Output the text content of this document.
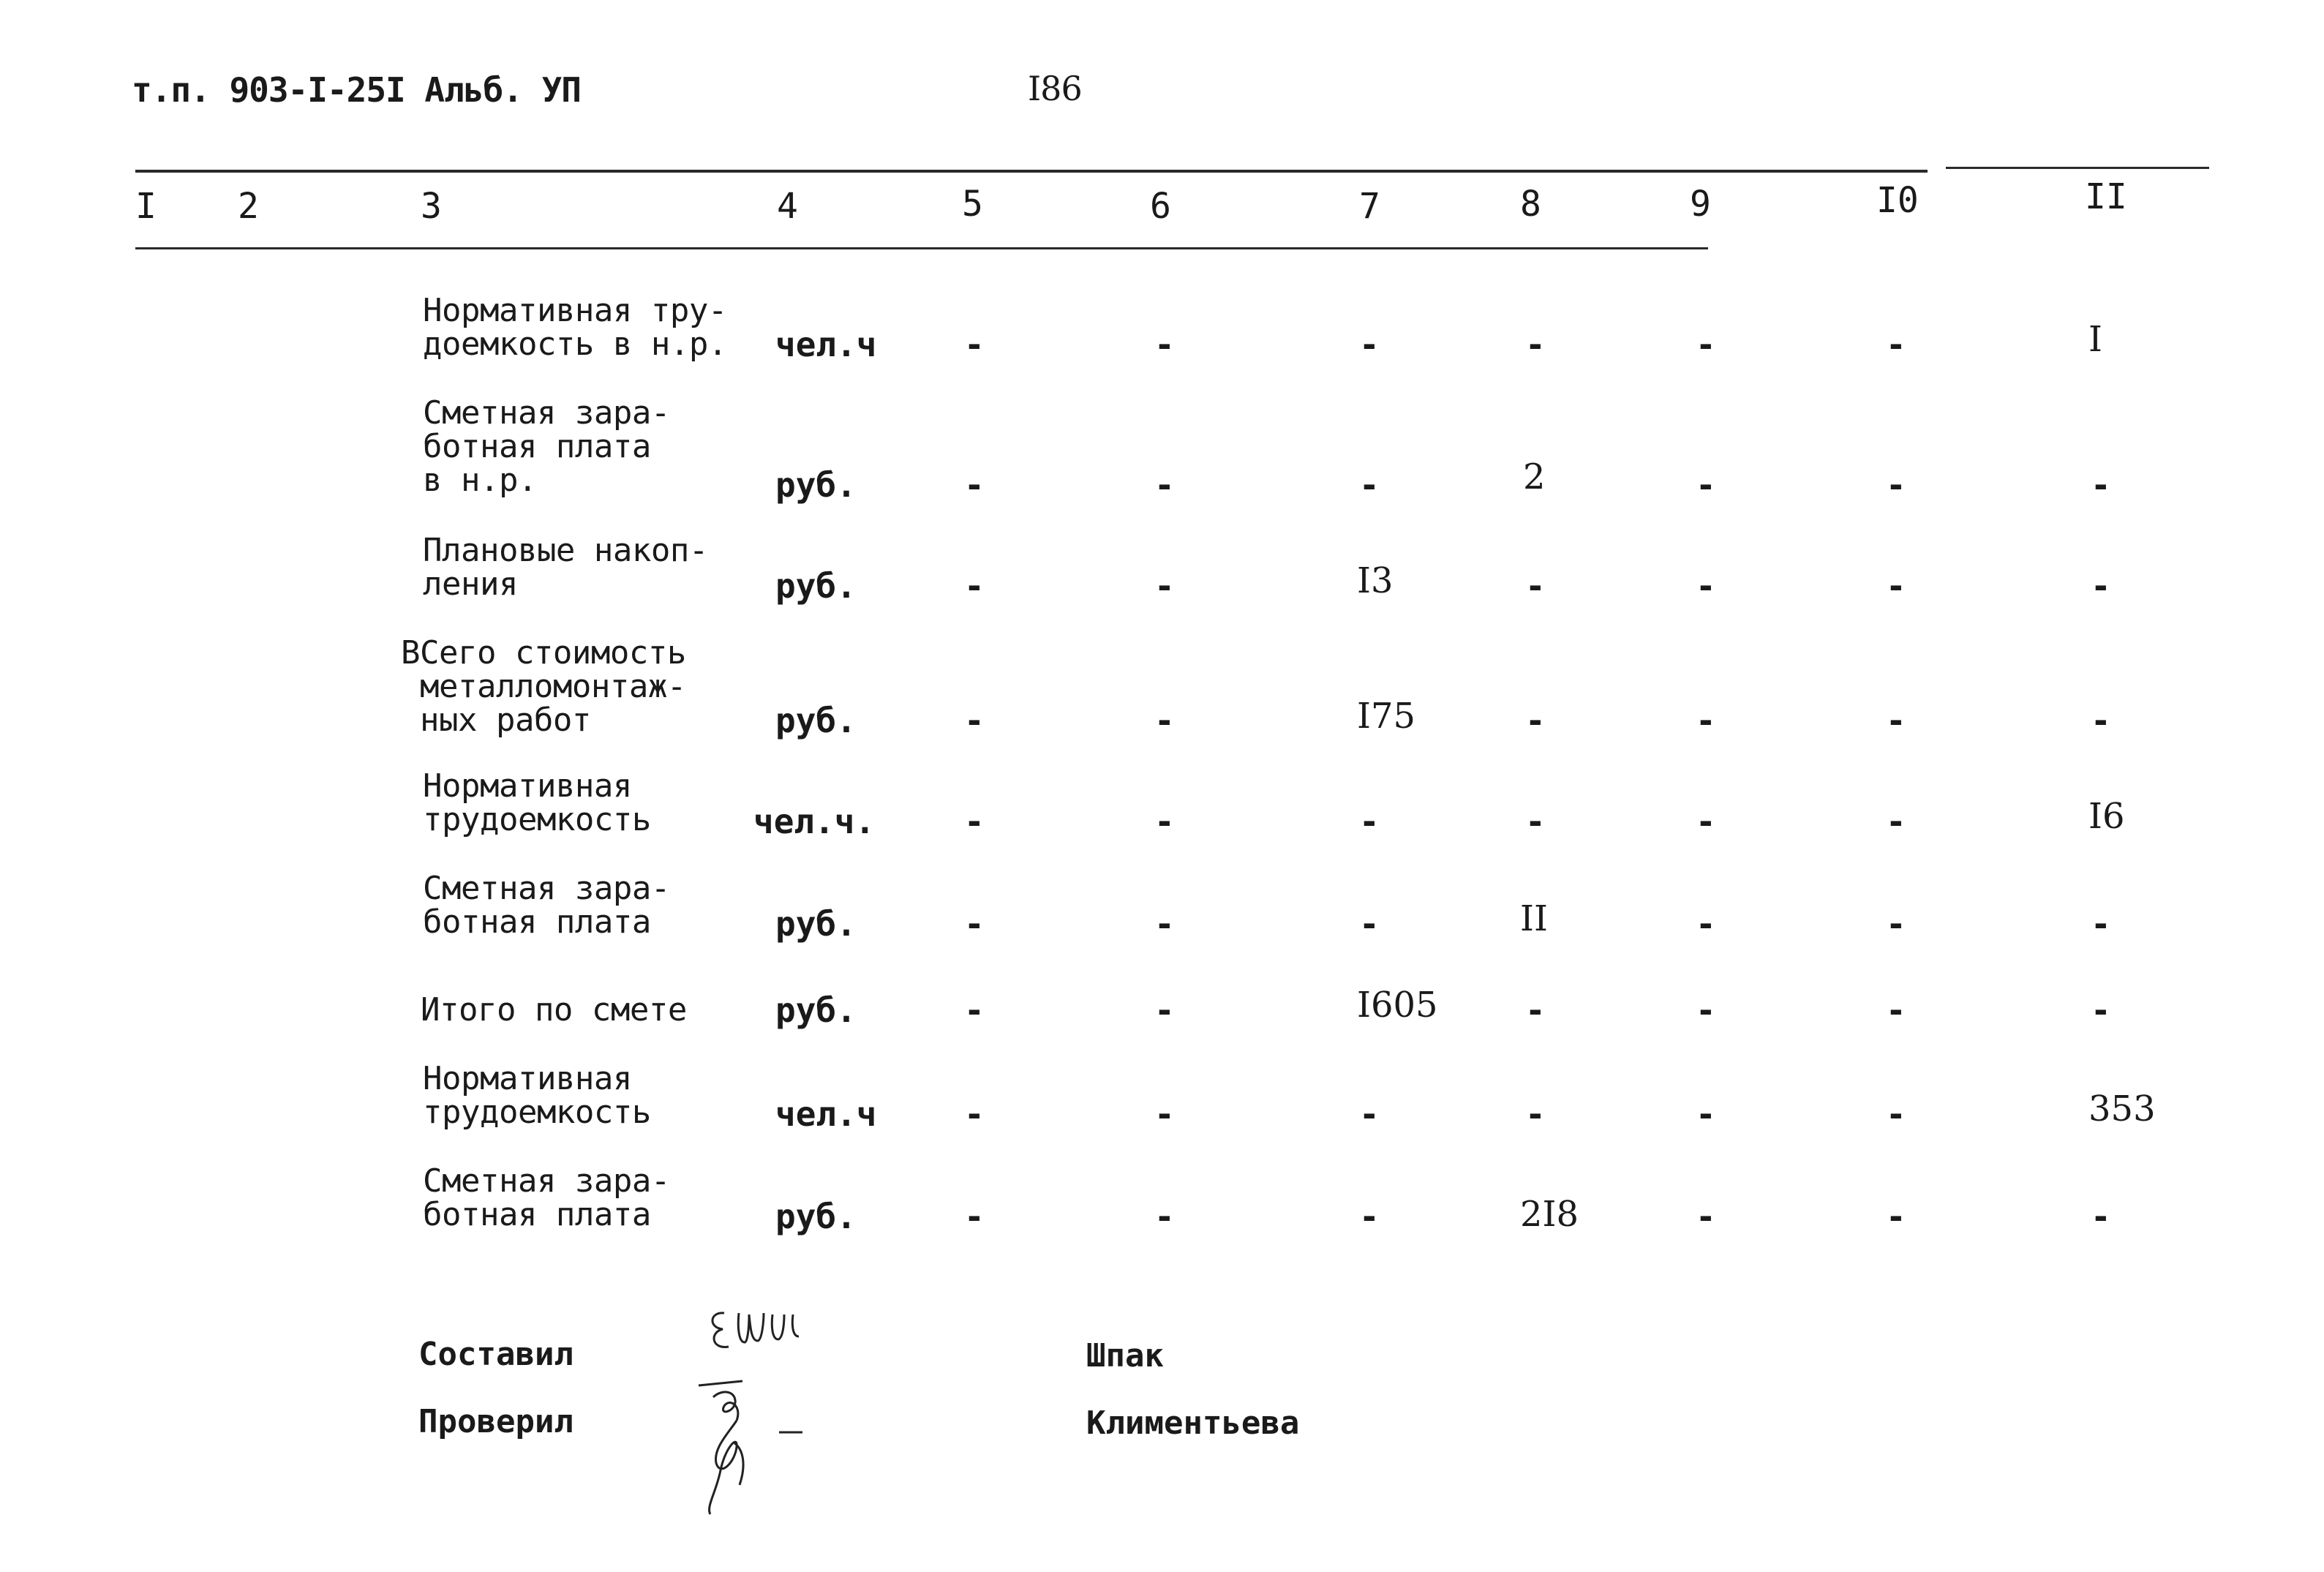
т.п. 903-I-25I Альб. УП	I86
I 2	3	4	5	6	7	8	9	I0	II
Нормативная тру-
доемкость в н.р. чел.ч	-	-	-	-	-	-	I
Сметная зара-
ботная плата
в н.р.	руб.	-	-	-	2	-	-	-
Плановые накоп-
ления	руб.	-	-	I3	-	-	-	-
ВСего стоимость
металломонтаж-
ных работ	руб.	-	-	I75	-	-	-	-
Нормативная
трудоемкость	чел.ч.	-	-	-	-	-	-	I6
Сметная зара-
ботная плата	руб.	-	-	-	II	-	-	-
Итого по смете	руб.	-	-	I605	-	-	-	-
Нормативная
трудоемкость	чел.ч	-	-	-	-	-	-	353
Сметная зара-
ботная плата	руб.	-	-	-	2I8	-	-	-
Составил	Шпак
Проверил	Климентьева
